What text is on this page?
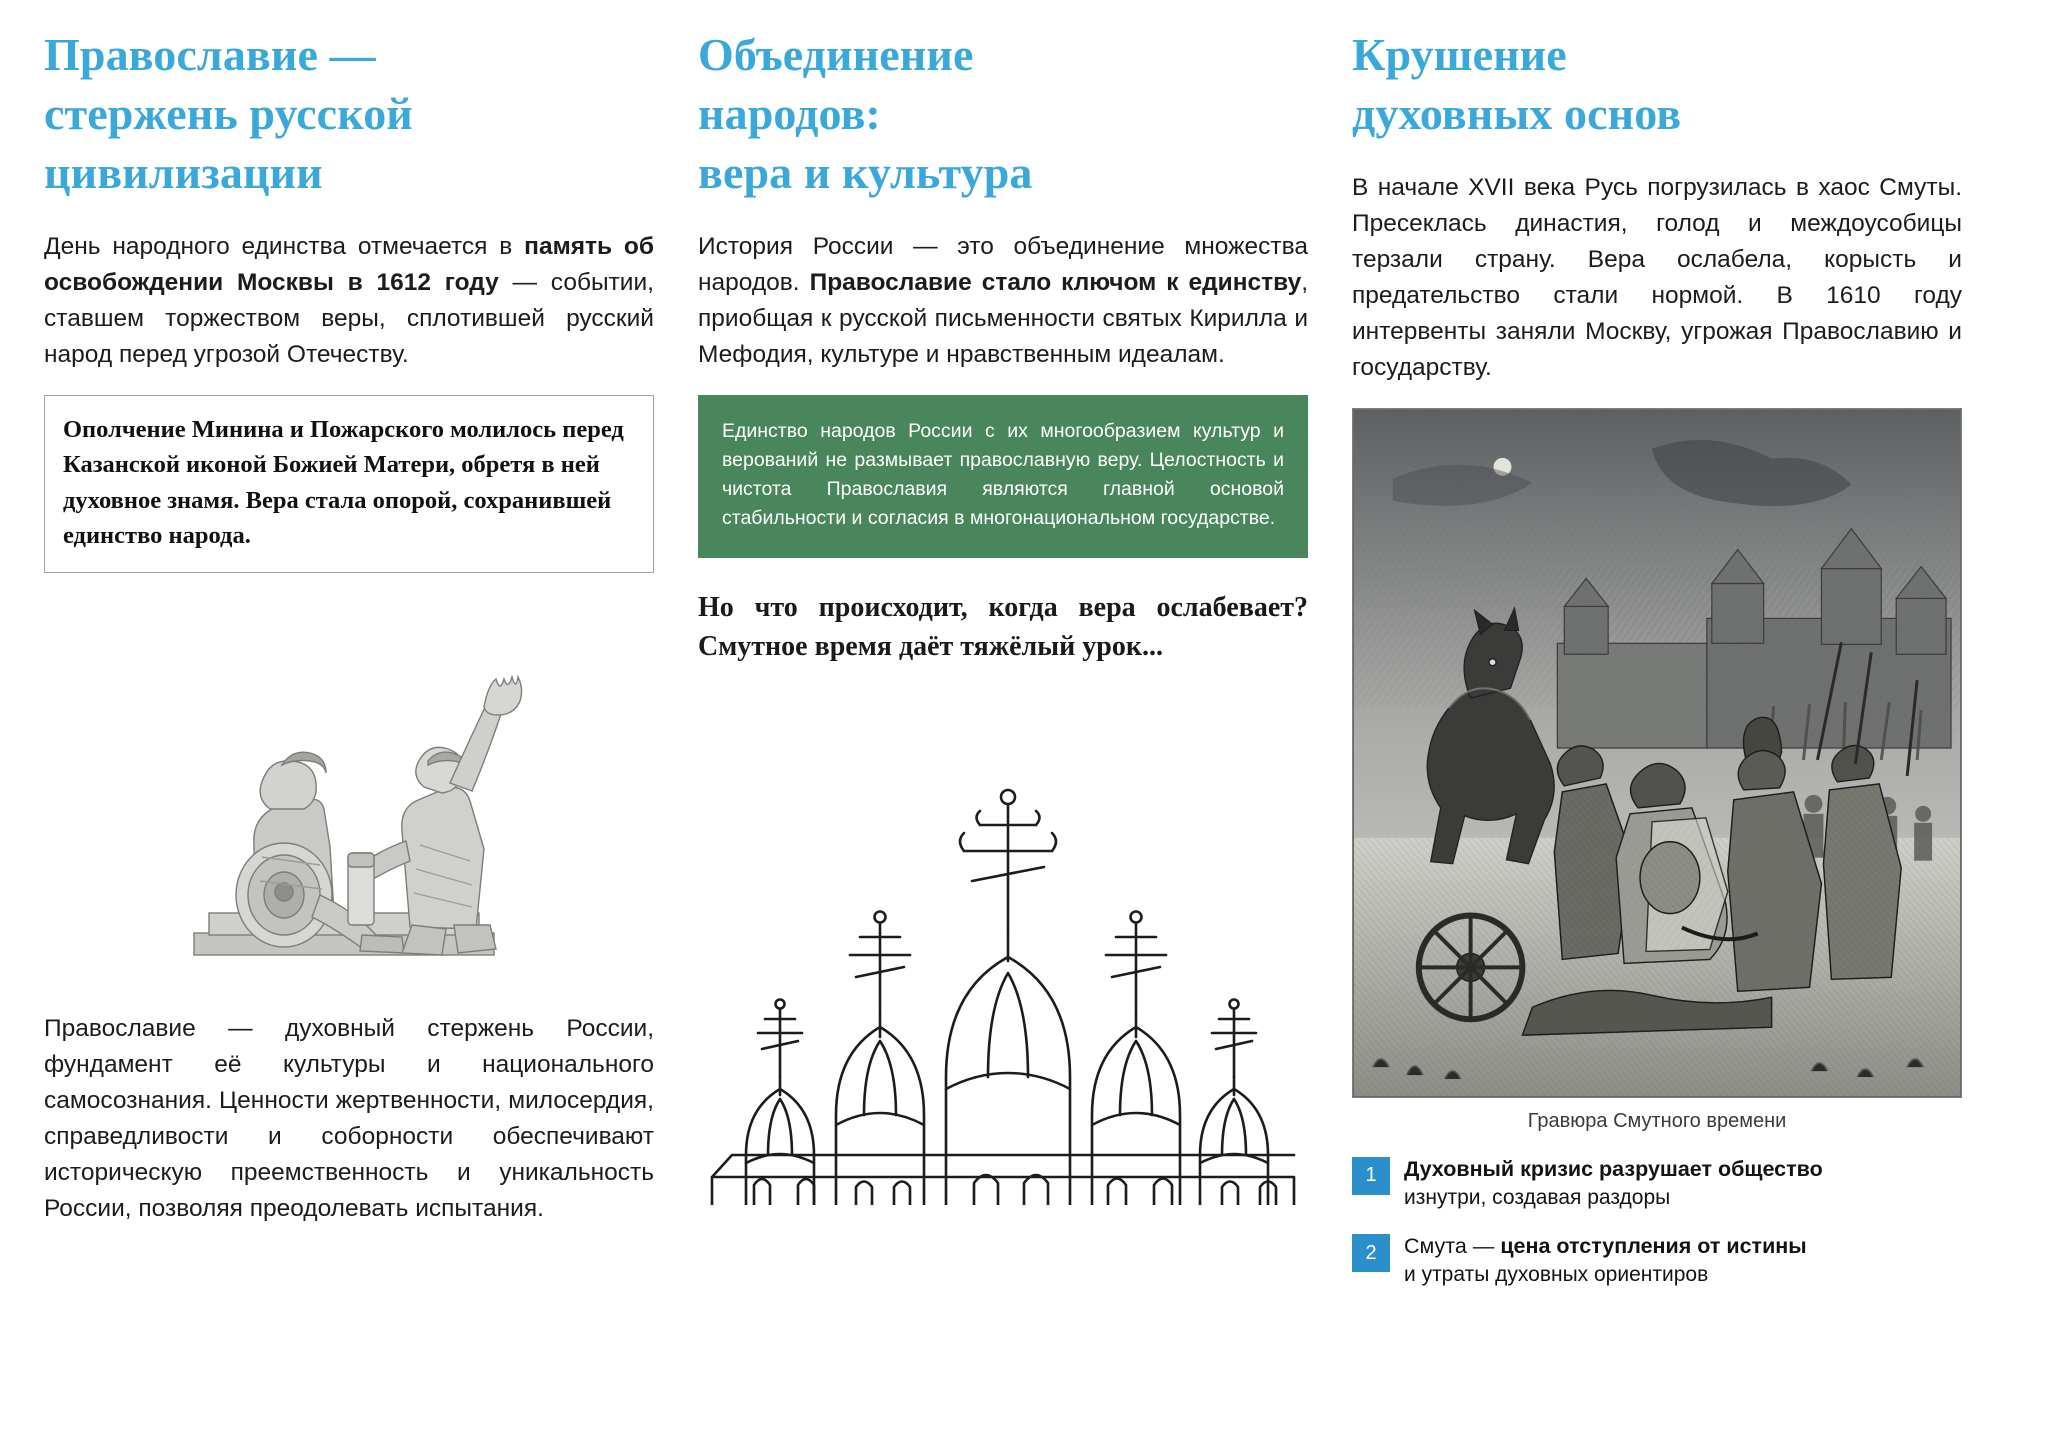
Православие —
стержень русской
цивилизации

День народного единства отмечается в память об освобождении Москвы в 1612 году — событии, ставшем торжеством веры, сплотившей русский народ перед угрозой Отечеству.

Ополчение Минина и Пожарского молилось перед Казанской иконой Божией Матери, обретя в ней духовное знамя. Вера стала опорой, сохранившей единство народа.

Православие — духовный стержень России, фундамент её культуры и национального самосознания. Ценности жертвенности, милосердия, справедливости и соборности обеспечивают историческую преемственность и уникальность России, позволяя преодолевать испытания.

Объединение
народов:
вера и культура

История России — это объединение множества народов. Православие стало ключом к единству, приобщая к русской письменности святых Кирилла и Мефодия, культуре и нравственным идеалам.

Единство народов России с их многообразием культур и верований не размывает православную веру. Целостность и чистота Православия являются главной основой стабильности и согласия в многонациональном государстве.

Но что происходит, когда вера ослабевает? Смутное время даёт тяжёлый урок...

Крушение
духовных основ

В начале XVII века Русь погрузилась в хаос Смуты. Пресеклась династия, голод и междоусобицы терзали страну. Вера ослабела, корысть и предательство стали нормой. В 1610 году интервенты заняли Москву, угрожая Православию и государству.

Гравюра Смутного времени
1	Духовный кризис разрушает общество
изнутри, создавая раздоры
2	Смута — цена отступления от истины
и утраты духовных ориентиров
